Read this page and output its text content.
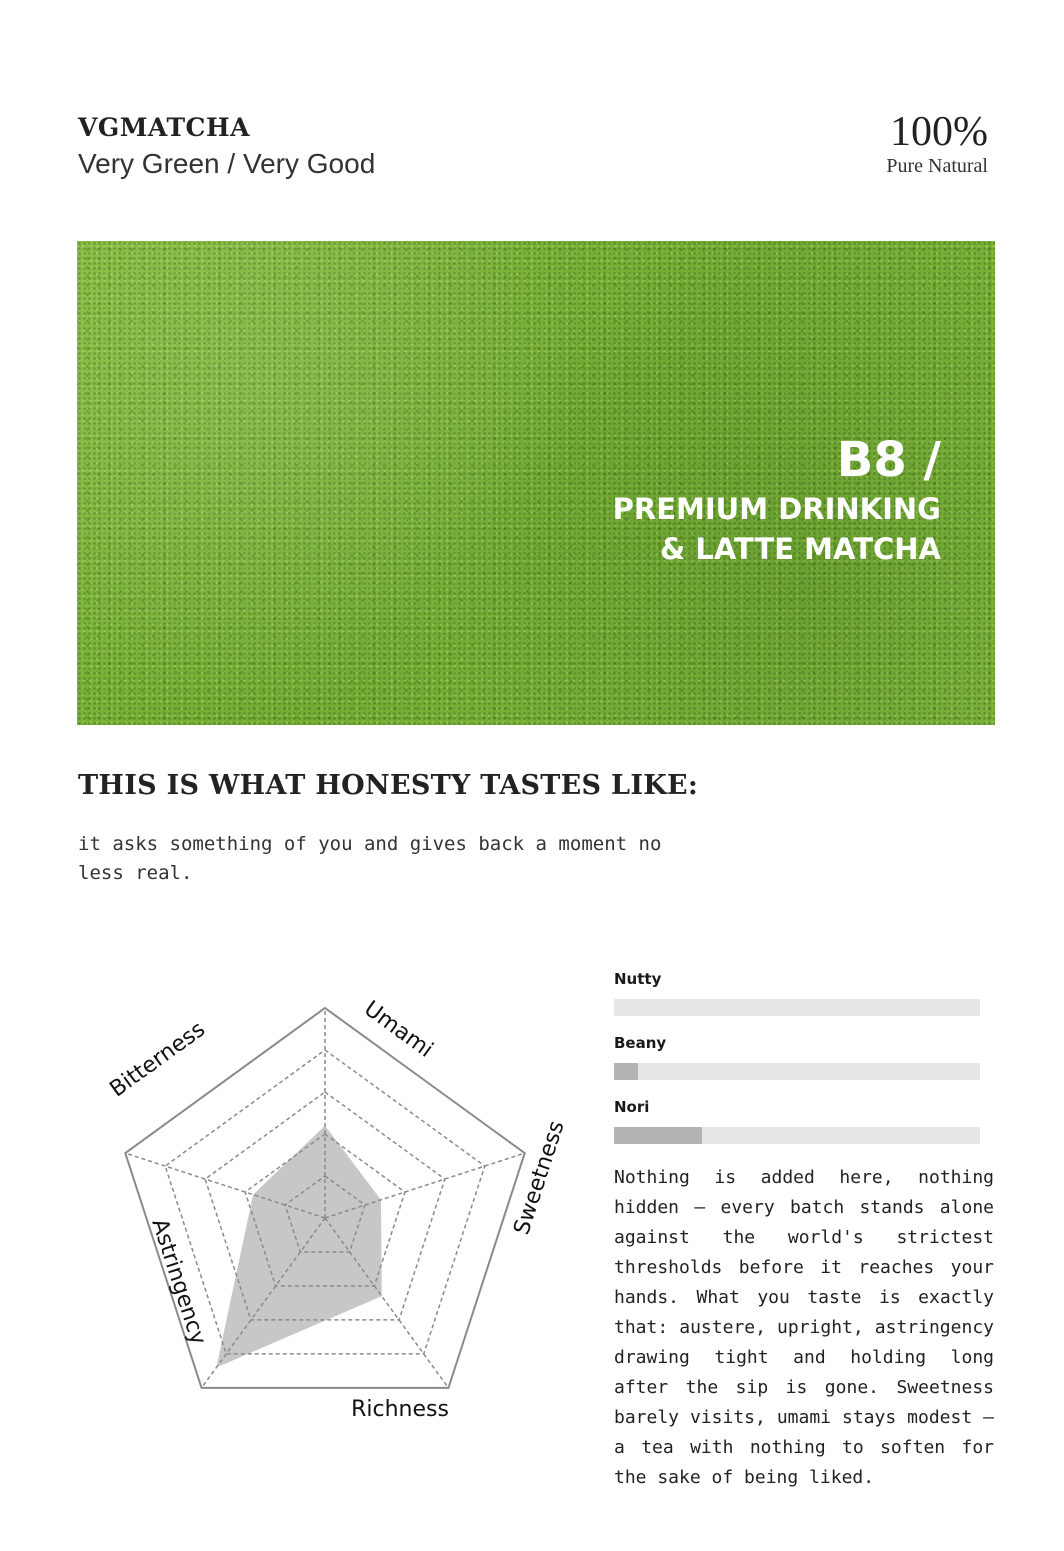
VGMATCHA
Very Green / Very Good
100%
Pure Natural
B8 /
PREMIUM DRINKING
& LATTE MATCHA
THIS IS WHAT HONESTY TASTES LIKE:
it asks something of you and gives back a moment no less real.
Umami
Sweetness
Richness
Astringency
Bitterness
Nutty
Beany
Nori
Nothing is added here, nothing hidden — every batch stands alone against the world's strictest thresholds before it reaches your hands. What you taste is exactly that: austere, upright, astringency drawing tight and holding long after the sip is gone. Sweetness barely visits, umami stays modest — a tea with nothing to soften for the sake of being liked.
